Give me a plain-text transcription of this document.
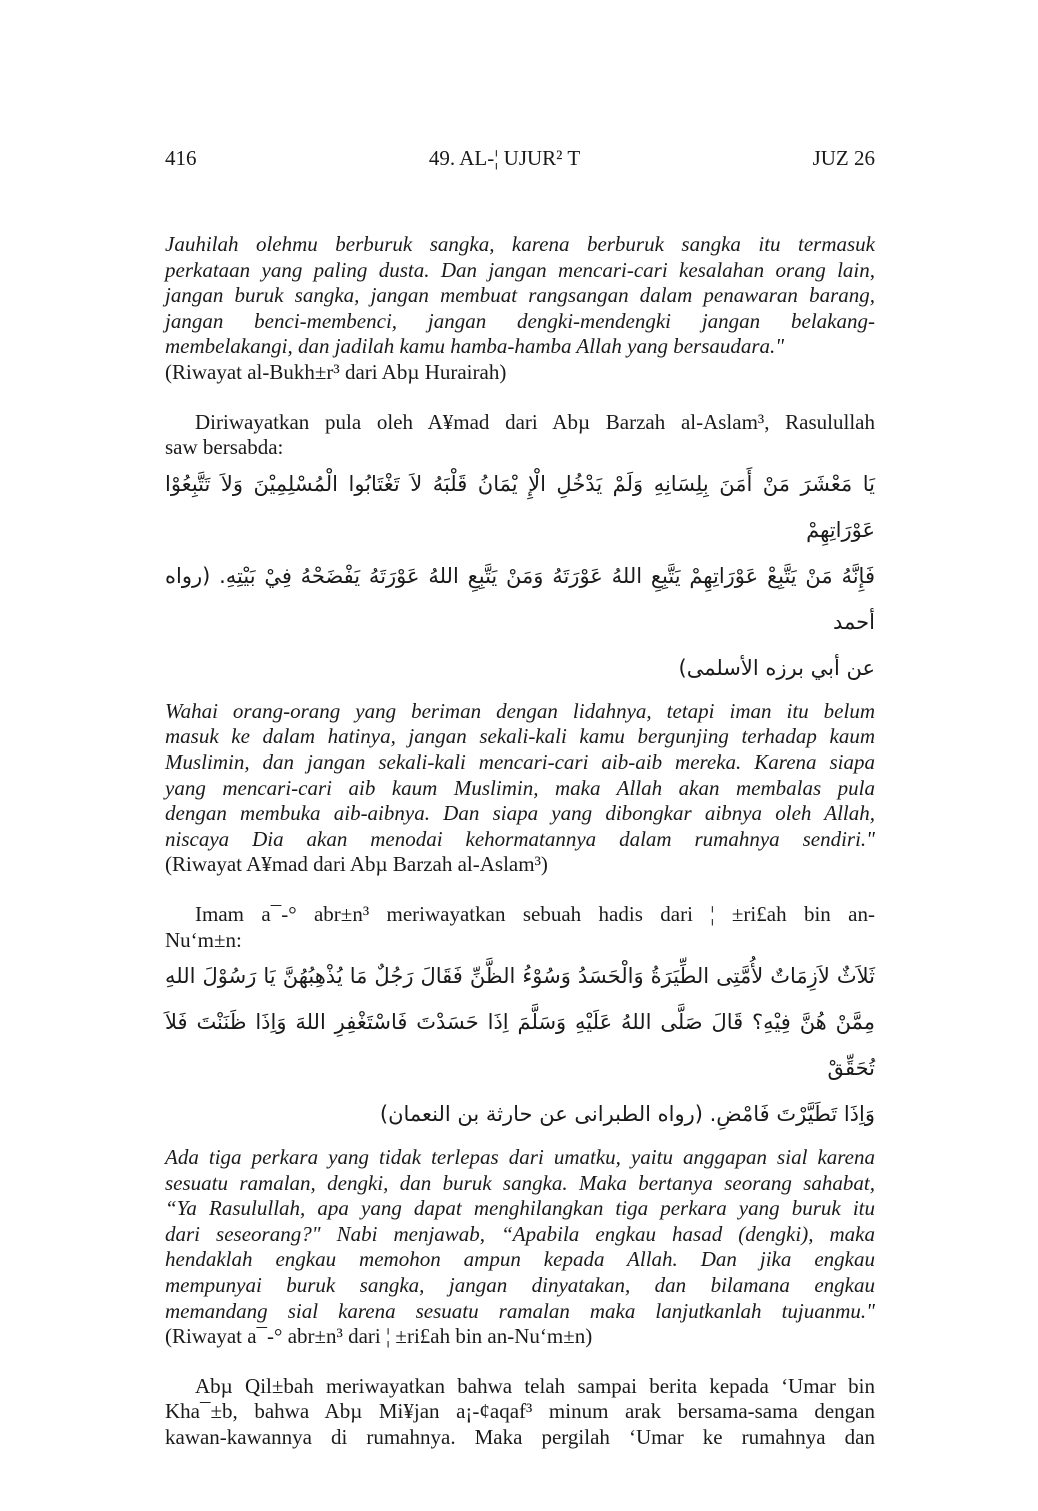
416	49. AL-¦ UJUR² T	JUZ 26
Jauhilah olehmu berburuk sangka, karena berburuk sangka itu termasuk
perkataan yang paling dusta. Dan jangan mencari-cari kesalahan orang lain,
jangan buruk sangka, jangan membuat rangsangan dalam penawaran barang,
jangan benci-membenci, jangan dengki-mendengki jangan belakang-
membelakangi, dan jadilah kamu hamba-hamba Allah yang bersaudara."
(Riwayat al-Bukh±r³ dari Abµ Hurairah)
Diriwayatkan pula oleh A¥mad dari Abµ Barzah al-Aslam³, Rasulullah
saw bersabda:
يَا مَعْشَرَ مَنْ أَمَنَ بِلِسَانِهِ وَلَمْ يَدْخُلِ الْإِ يْمَانُ قَلْبَهُ لاَ تَغْتَابُوا الْمُسْلِمِيْنَ وَلاَ تَتَّبِعُوْا عَوْرَاتِهِمْ
فَإِنَّهُ مَنْ يَتَّبِعْ عَوْرَاتِهِمْ يَتَّبِعِ اللهُ عَوْرَتَهُ وَمَنْ يَتَّبِعِ اللهُ عَوْرَتَهُ يَفْضَحْهُ فِيْ بَيْتِهِ. (رواه أحمد
عن أبي برزه الأسلمى)
Wahai orang-orang yang beriman dengan lidahnya, tetapi iman itu belum
masuk ke dalam hatinya, jangan sekali-kali kamu bergunjing terhadap kaum
Muslimin, dan jangan sekali-kali mencari-cari aib-aib mereka. Karena siapa
yang mencari-cari aib kaum Muslimin, maka Allah akan membalas pula
dengan membuka aib-aibnya. Dan siapa yang dibongkar aibnya oleh Allah,
niscaya Dia akan menodai kehormatannya dalam rumahnya sendiri."
(Riwayat A¥mad dari Abµ Barzah al-Aslam³)
Imam a¯-° abr±n³ meriwayatkan sebuah hadis dari ¦ ±ri£ah bin an-
Nu‘m±n:
ثَلاَثٌ لاَزِمَاتٌ لأُمَّتِى الطِّيَرَةُ وَالْحَسَدُ وَسُوْءُ الظَّنِّ فَقَالَ رَجُلٌ مَا يُذْهِبُهُنَّ يَا رَسُوْلَ اللهِ
مِمَّنْ هُنَّ فِيْهِ؟ قَالَ صَلَّى اللهُ عَلَيْهِ وَسَلَّمَ اِذَا حَسَدْتَ فَاسْتَغْفِرِ اللهَ وَاِذَا ظَنَنْتَ فَلاَ تُحَقِّقْ
وَاِذَا تَطَيَّرْتَ فَامْضِ. (رواه الطبرانى عن حارثة بن النعمان)
Ada tiga perkara yang tidak terlepas dari umatku, yaitu anggapan sial karena
sesuatu ramalan, dengki, dan buruk sangka. Maka bertanya seorang sahabat,
“Ya Rasulullah, apa yang dapat menghilangkan tiga perkara yang buruk itu
dari seseorang?" Nabi menjawab, “Apabila engkau hasad (dengki), maka
hendaklah engkau memohon ampun kepada Allah. Dan jika engkau
mempunyai buruk sangka, jangan dinyatakan, dan bilamana engkau
memandang sial karena sesuatu ramalan maka lanjutkanlah tujuanmu."
(Riwayat a¯-° abr±n³ dari ¦ ±ri£ah bin an-Nu‘m±n)
Abµ Qil±bah meriwayatkan bahwa telah sampai berita kepada ‘Umar bin
Kha¯±b, bahwa Abµ Mi¥jan a¡-¢aqaf³ minum arak bersama-sama dengan
kawan-kawannya di rumahnya. Maka pergilah ‘Umar ke rumahnya dan
